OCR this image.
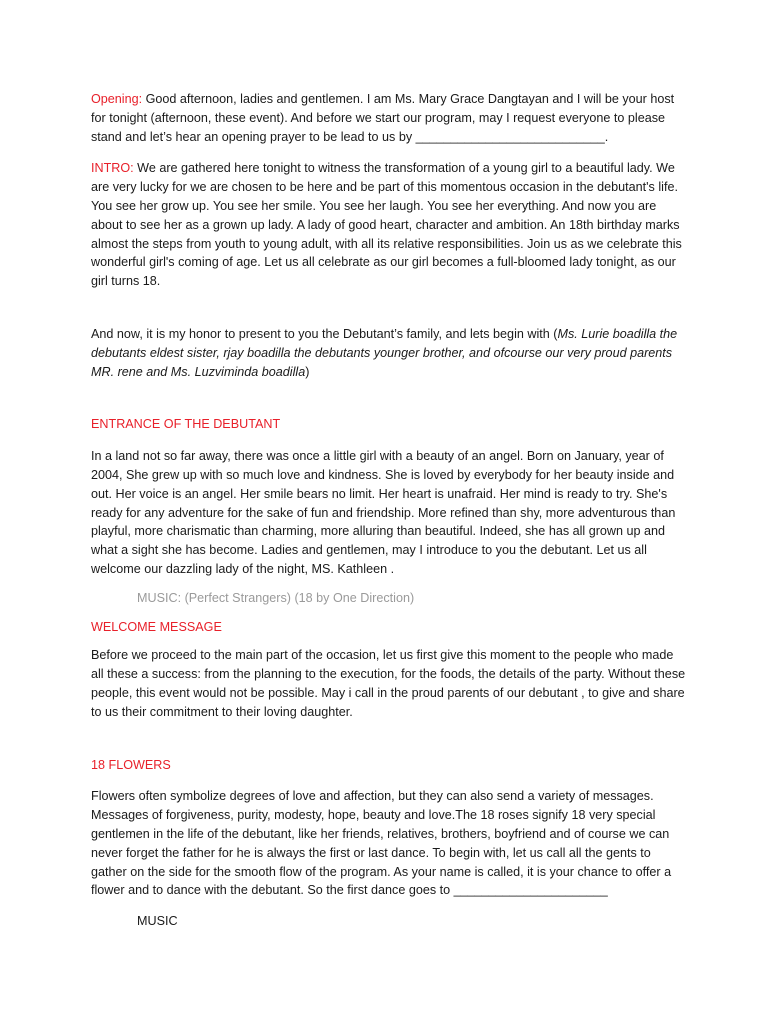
Opening: Good afternoon, ladies and gentlemen. I am Ms. Mary Grace Dangtayan and I will be your host for tonight (afternoon, these event). And before we start our program, may I request everyone to please stand and let’s hear an opening prayer to be lead to us by ___________________________.

INTRO: We are gathered here tonight to witness the transformation of a young girl to a beautiful lady. We are very lucky for we are chosen to be here and be part of this momentous occasion in the debutant's life. You see her grow up. You see her smile. You see her laugh. You see her everything. And now you are about to see her as a grown up lady. A lady of good heart, character and ambition. An 18th birthday marks almost the steps from youth to young adult, with all its relative responsibilities. Join us as we celebrate this wonderful girl's coming of age. Let us all celebrate as our girl becomes a full-bloomed lady tonight, as our girl turns 18.

And now, it is my honor to present to you the Debutant’s family, and lets begin with (Ms. Lurie boadilla the debutants eldest sister, rjay boadilla the debutants younger brother, and ofcourse our very proud parents MR. rene and Ms. Luzviminda boadilla)

ENTRANCE OF THE DEBUTANT

In a land not so far away, there was once a little girl with a beauty of an angel. Born on January, year of 2004, She grew up with so much love and kindness. She is loved by everybody for her beauty inside and out. Her voice is an angel. Her smile bears no limit. Her heart is unafraid. Her mind is ready to try. She's ready for any adventure for the sake of fun and friendship. More refined than shy, more adventurous than playful, more charismatic than charming, more alluring than beautiful. Indeed, she has all grown up and what a sight she has become. Ladies and gentlemen, may I introduce to you the debutant. Let us all welcome our dazzling lady of the night, MS. Kathleen .

MUSIC: (Perfect Strangers) (18 by One Direction)

WELCOME MESSAGE

Before we proceed to the main part of the occasion, let us first give this moment to the people who made all these a success: from the planning to the execution, for the foods, the details of the party. Without these people, this event would not be possible. May i call in the proud parents of our debutant , to give and share to us their commitment to their loving daughter.

18 FLOWERS

Flowers often symbolize degrees of love and affection, but they can also send a variety of messages. Messages of forgiveness, purity, modesty, hope, beauty and love.The 18 roses signify 18 very special gentlemen in the life of the debutant, like her friends, relatives, brothers, boyfriend and of course we can never forget the father for he is always the first or last dance. To begin with, let us call all the gents to gather on the side for the smooth flow of the program. As your name is called, it is your chance to offer a flower and to dance with the debutant. So the first dance goes to ______________________

MUSIC
